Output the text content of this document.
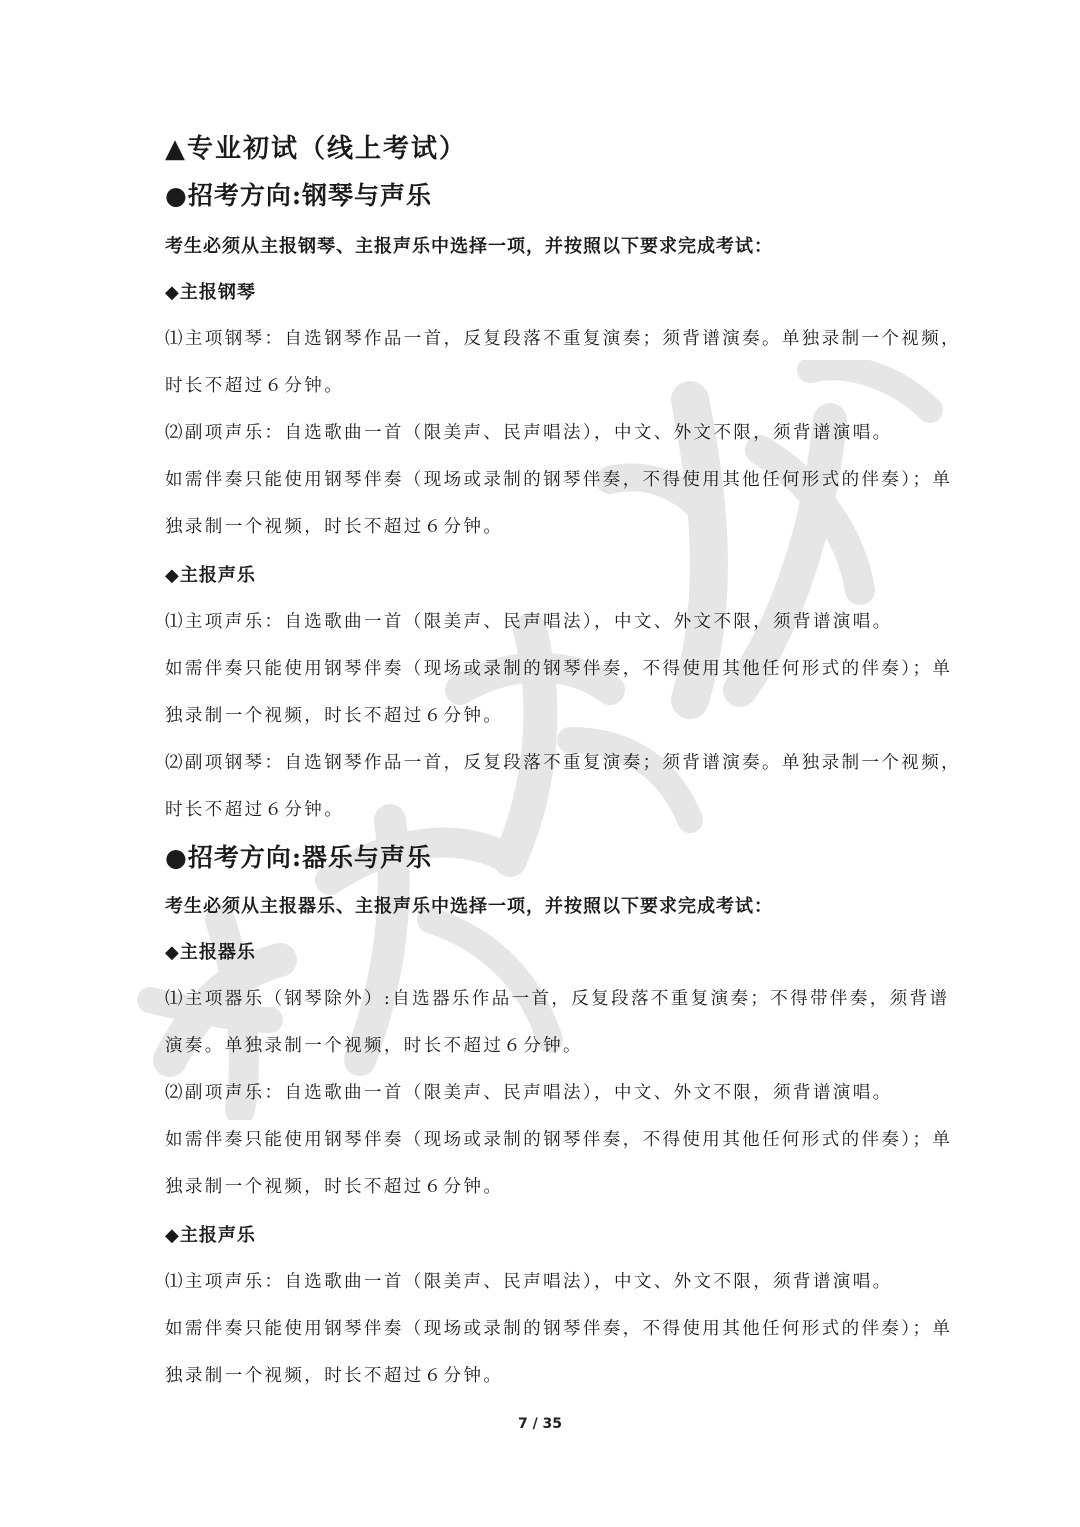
▲专业初试（线上考试）
●招考方向:钢琴与声乐
考生必须从主报钢琴、主报声乐中选择一项，并按照以下要求完成考试：
◆主报钢琴
⑴主项钢琴：自选钢琴作品一首，反复段落不重复演奏；须背谱演奏。单独录制一个视频，
时长不超过６分钟。
⑵副项声乐：自选歌曲一首（限美声、民声唱法），中文、外文不限，须背谱演唱。
如需伴奏只能使用钢琴伴奏（现场或录制的钢琴伴奏，不得使用其他任何形式的伴奏）；单
独录制一个视频，时长不超过６分钟。
◆主报声乐
⑴主项声乐：自选歌曲一首（限美声、民声唱法），中文、外文不限，须背谱演唱。
如需伴奏只能使用钢琴伴奏（现场或录制的钢琴伴奏，不得使用其他任何形式的伴奏）；单
独录制一个视频，时长不超过６分钟。
⑵副项钢琴：自选钢琴作品一首，反复段落不重复演奏；须背谱演奏。单独录制一个视频，
时长不超过６分钟。
●招考方向:器乐与声乐
考生必须从主报器乐、主报声乐中选择一项，并按照以下要求完成考试：
◆主报器乐
⑴主项器乐（钢琴除外）:自选器乐作品一首，反复段落不重复演奏；不得带伴奏，须背谱
演奏。单独录制一个视频，时长不超过６分钟。
⑵副项声乐：自选歌曲一首（限美声、民声唱法），中文、外文不限，须背谱演唱。
如需伴奏只能使用钢琴伴奏（现场或录制的钢琴伴奏，不得使用其他任何形式的伴奏）；单
独录制一个视频，时长不超过６分钟。
◆主报声乐
⑴主项声乐：自选歌曲一首（限美声、民声唱法），中文、外文不限，须背谱演唱。
如需伴奏只能使用钢琴伴奏（现场或录制的钢琴伴奏，不得使用其他任何形式的伴奏）；单
独录制一个视频，时长不超过６分钟。
7 / 35
